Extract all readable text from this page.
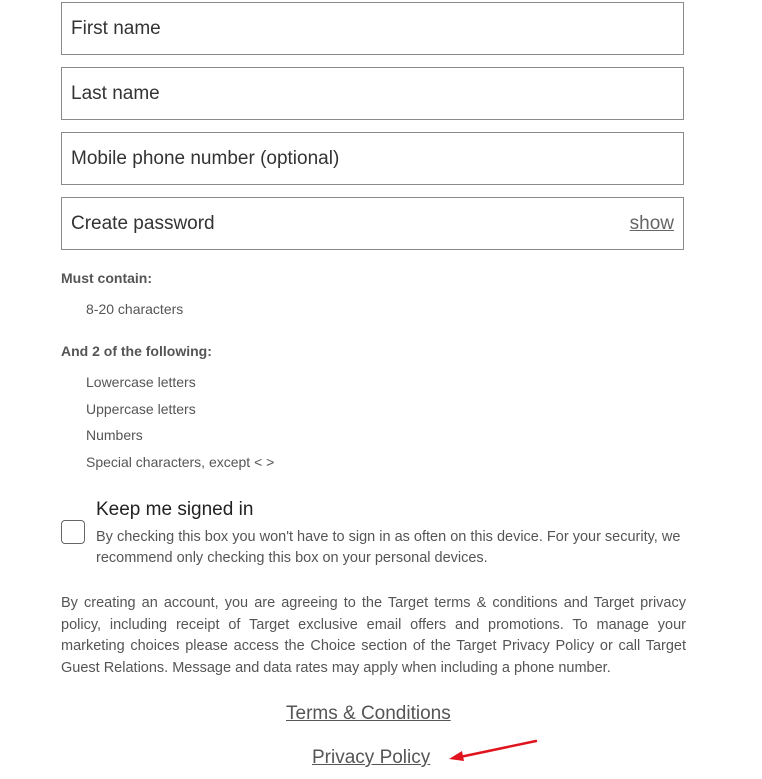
First name
Last name
Mobile phone number (optional)
show
Must contain:
8-20 characters
And 2 of the following:
Lowercase letters
Uppercase letters
Numbers
Special characters, except < >
Keep me signed in
By checking this box you won't have to sign in as often on this device. For your security, we recommend only checking this box on your personal devices.
By creating an account, you are agreeing to the Target terms & conditions and Target privacy policy, including receipt of Target exclusive email offers and promotions. To manage your marketing choices please access the Choice section of the Target Privacy Policy or call Target Guest Relations. Message and data rates may apply when including a phone number.
Terms & Conditions
Privacy Policy
